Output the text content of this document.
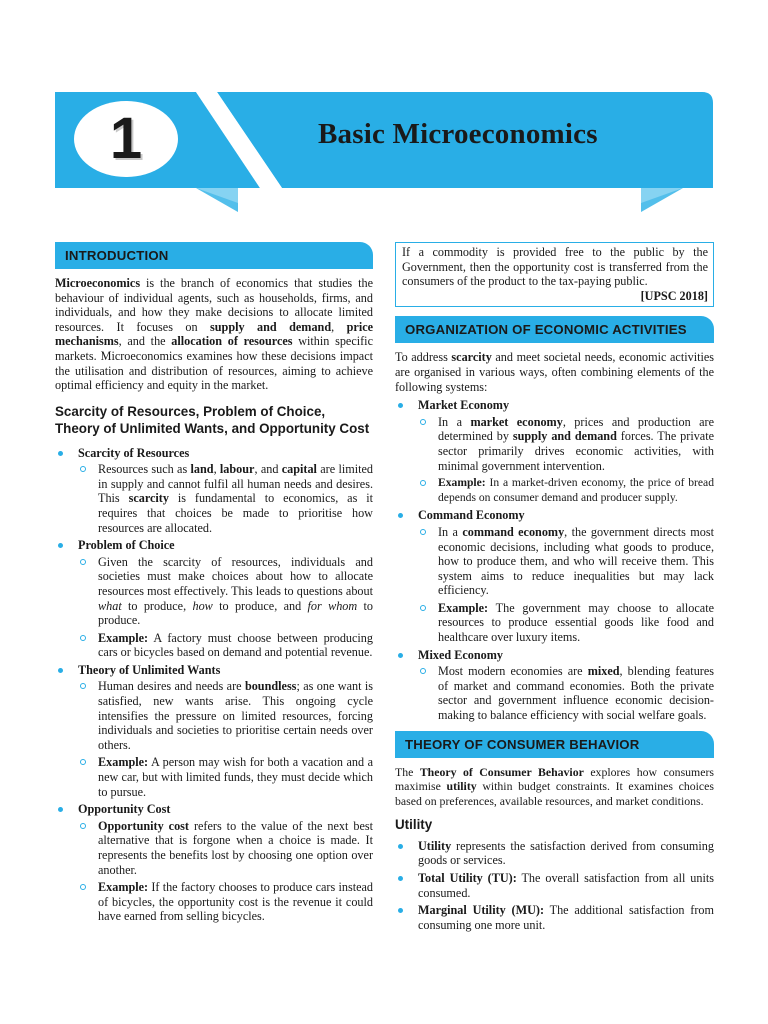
1	Basic Microeconomics
INTRODUCTION

Microeconomics is the branch of economics that studies the behaviour of individual agents, such as households, firms, and individuals, and how they make decisions to allocate limited resources. It focuses on supply and demand, price mechanisms, and the allocation of resources within specific markets. Microeconomics examines how these decisions impact the utilisation and distribution of resources, aiming to achieve optimal efficiency and equity in the market.

Scarcity of Resources, Problem of Choice, Theory of Unlimited Wants, and Opportunity Cost
Scarcity of Resources
Resources such as land, labour, and capital are limited in supply and cannot fulfil all human needs and desires. This scarcity is fundamental to economics, as it requires that choices be made to prioritise how resources are allocated.
Problem of Choice
Given the scarcity of resources, individuals and societies must make choices about how to allocate resources most effectively. This leads to questions about what to produce, how to produce, and for whom to produce.
Example: A factory must choose between producing cars or bicycles based on demand and potential revenue.
Theory of Unlimited Wants
Human desires and needs are boundless; as one want is satisfied, new wants arise. This ongoing cycle intensifies the pressure on limited resources, forcing individuals and societies to prioritise certain needs over others.
Example: A person may wish for both a vacation and a new car, but with limited funds, they must decide which to pursue.
Opportunity Cost
Opportunity cost refers to the value of the next best alternative that is forgone when a choice is made. It represents the benefits lost by choosing one option over another.
Example: If the factory chooses to produce cars instead of bicycles, the opportunity cost is the revenue it could have earned from selling bicycles.

If a commodity is provided free to the public by the Government, then the opportunity cost is transferred from the consumers of the product to the tax-paying public.

[UPSC 2018]

ORGANIZATION OF ECONOMIC ACTIVITIES

To address scarcity and meet societal needs, economic activities are organised in various ways, often combining elements of the following systems:

Market Economy
In a market economy, prices and production are determined by supply and demand forces. The private sector primarily drives economic activities, with minimal government intervention.
Example: In a market-driven economy, the price of bread depends on consumer demand and producer supply.
Command Economy
In a command economy, the government directs most economic decisions, including what goods to produce, how to produce them, and who will receive them. This system aims to reduce inequalities but may lack efficiency.
Example: The government may choose to allocate resources to produce essential goods like food and healthcare over luxury items.
Mixed Economy
Most modern economies are mixed, blending features of market and command economies. Both the private sector and government influence economic decision-making to balance efficiency with social welfare goals.
THEORY OF CONSUMER BEHAVIOR

The Theory of Consumer Behavior explores how consumers maximise utility within budget constraints. It examines choices based on preferences, available resources, and market conditions.

Utility
Utility represents the satisfaction derived from consuming goods or services.
Total Utility (TU): The overall satisfaction from all units consumed.
Marginal Utility (MU): The additional satisfaction from consuming one more unit.
